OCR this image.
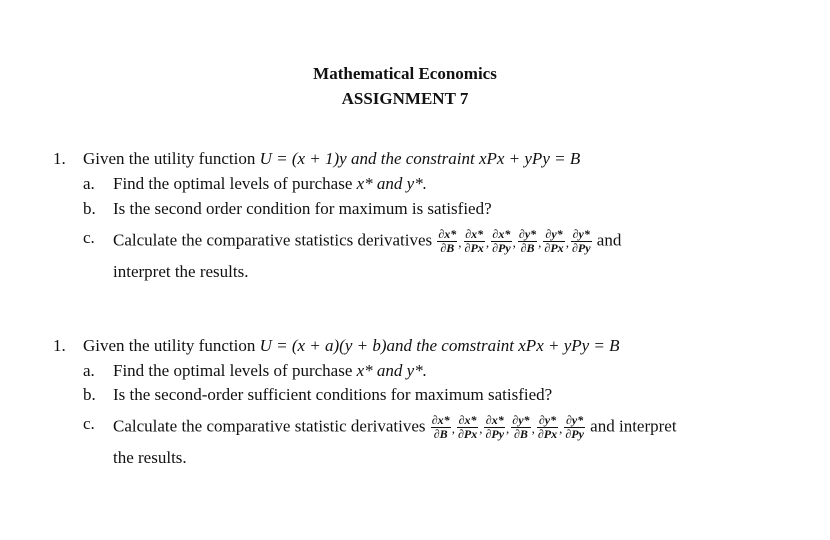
Mathematical Economics
ASSIGNMENT 7
1. Given the utility function U = (x + 1)y and the constraint xPx + yPy = B
a. Find the optimal levels of purchase x* and y*.
b. Is the second order condition for maximum is satisfied?
c. Calculate the comparative statistics derivatives $\frac{\partial x*}{\partial B}$ , $\frac{\partial x*}{\partial Px}$ , $\frac{\partial x*}{\partial Py}$ , $\frac{\partial y*}{\partial B}$ , $\frac{\partial y*}{\partial Px}$ , $\frac{\partial y*}{\partial Py}$ and
interpret the results.
1. Given the utility function U = (x + a)(y + b)and the comstraint xPx + yPy = B
a. Find the optimal levels of purchase x* and y*.
b. Is the second-order sufficient conditions for maximum satisfied?
c. Calculate the comparative statistic derivatives $\frac{\partial x*}{\partial B}$ , $\frac{\partial x*}{\partial Px}$ , $\frac{\partial x*}{\partial Py}$ , $\frac{\partial y*}{\partial B}$ , $\frac{\partial y*}{\partial Px}$ , $\frac{\partial y*}{\partial Py}$ and interpret
the results.
